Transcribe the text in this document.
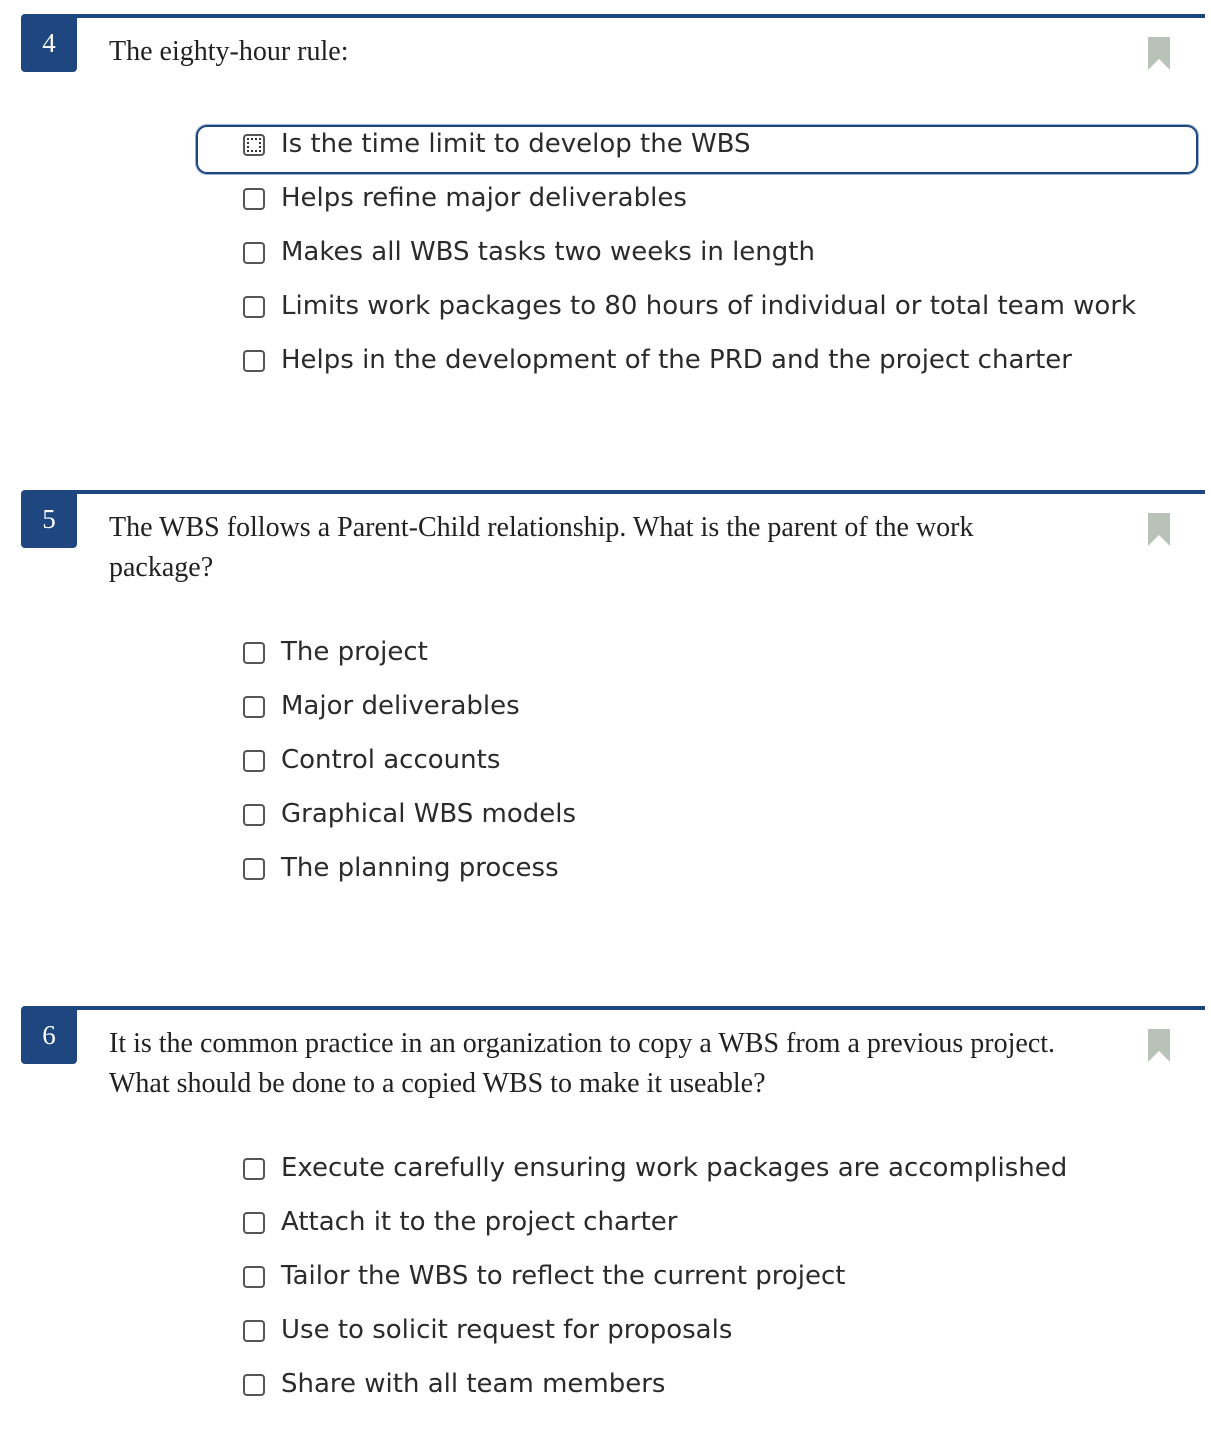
4	The eighty-hour rule:

Is the time limit to develop the WBS
Helps refine major deliverables
Makes all WBS tasks two weeks in length
Limits work packages to 80 hours of individual or total team work
Helps in the development of the PRD and the project charter
5	The WBS follows a Parent-Child relationship. What is the parent of the work package?

The project
Major deliverables
Control accounts
Graphical WBS models
The planning process
6	It is the common practice in an organization to copy a WBS from a previous project. What should be done to a copied WBS to make it useable?

Execute carefully ensuring work packages are accomplished
Attach it to the project charter
Tailor the WBS to reflect the current project
Use to solicit request for proposals
Share with all team members
